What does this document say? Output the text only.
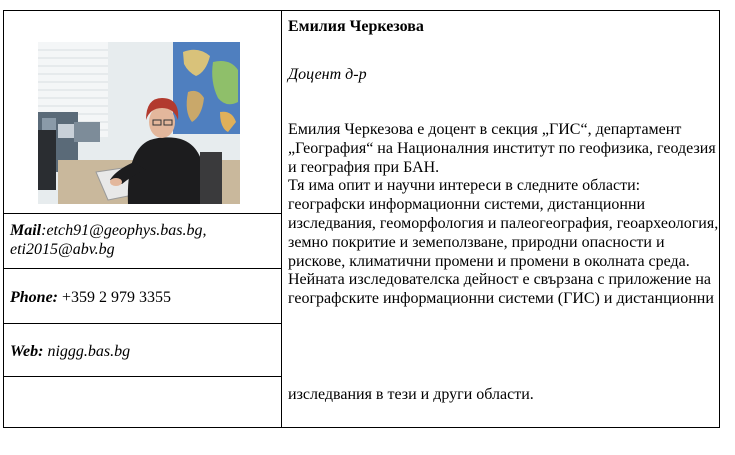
Mail:etch91@geophys.bas.bg,
eti2015@abv.bg
Phone: +359 2 979 3355
Web: niggg.bas.bg
Емилия Черкезова
Доцент д-р

Емилия Черкезова е доцент в секция „ГИС“, департамент „География“ на Националния институт по геофизика, геодезия и география при БАН.

Тя има опит и научни интереси в следните области: географски информационни системи, дистанционни изследвания, геоморфология и палеогеография, геоархеология, земно покритие и земеползване, природни опасности и рискове, климатични промени и промени в околната среда. Нейната изследователска дейност е свързана с приложение на географските информационни системи (ГИС) и дистанционни

изследвания в тези и други области.
